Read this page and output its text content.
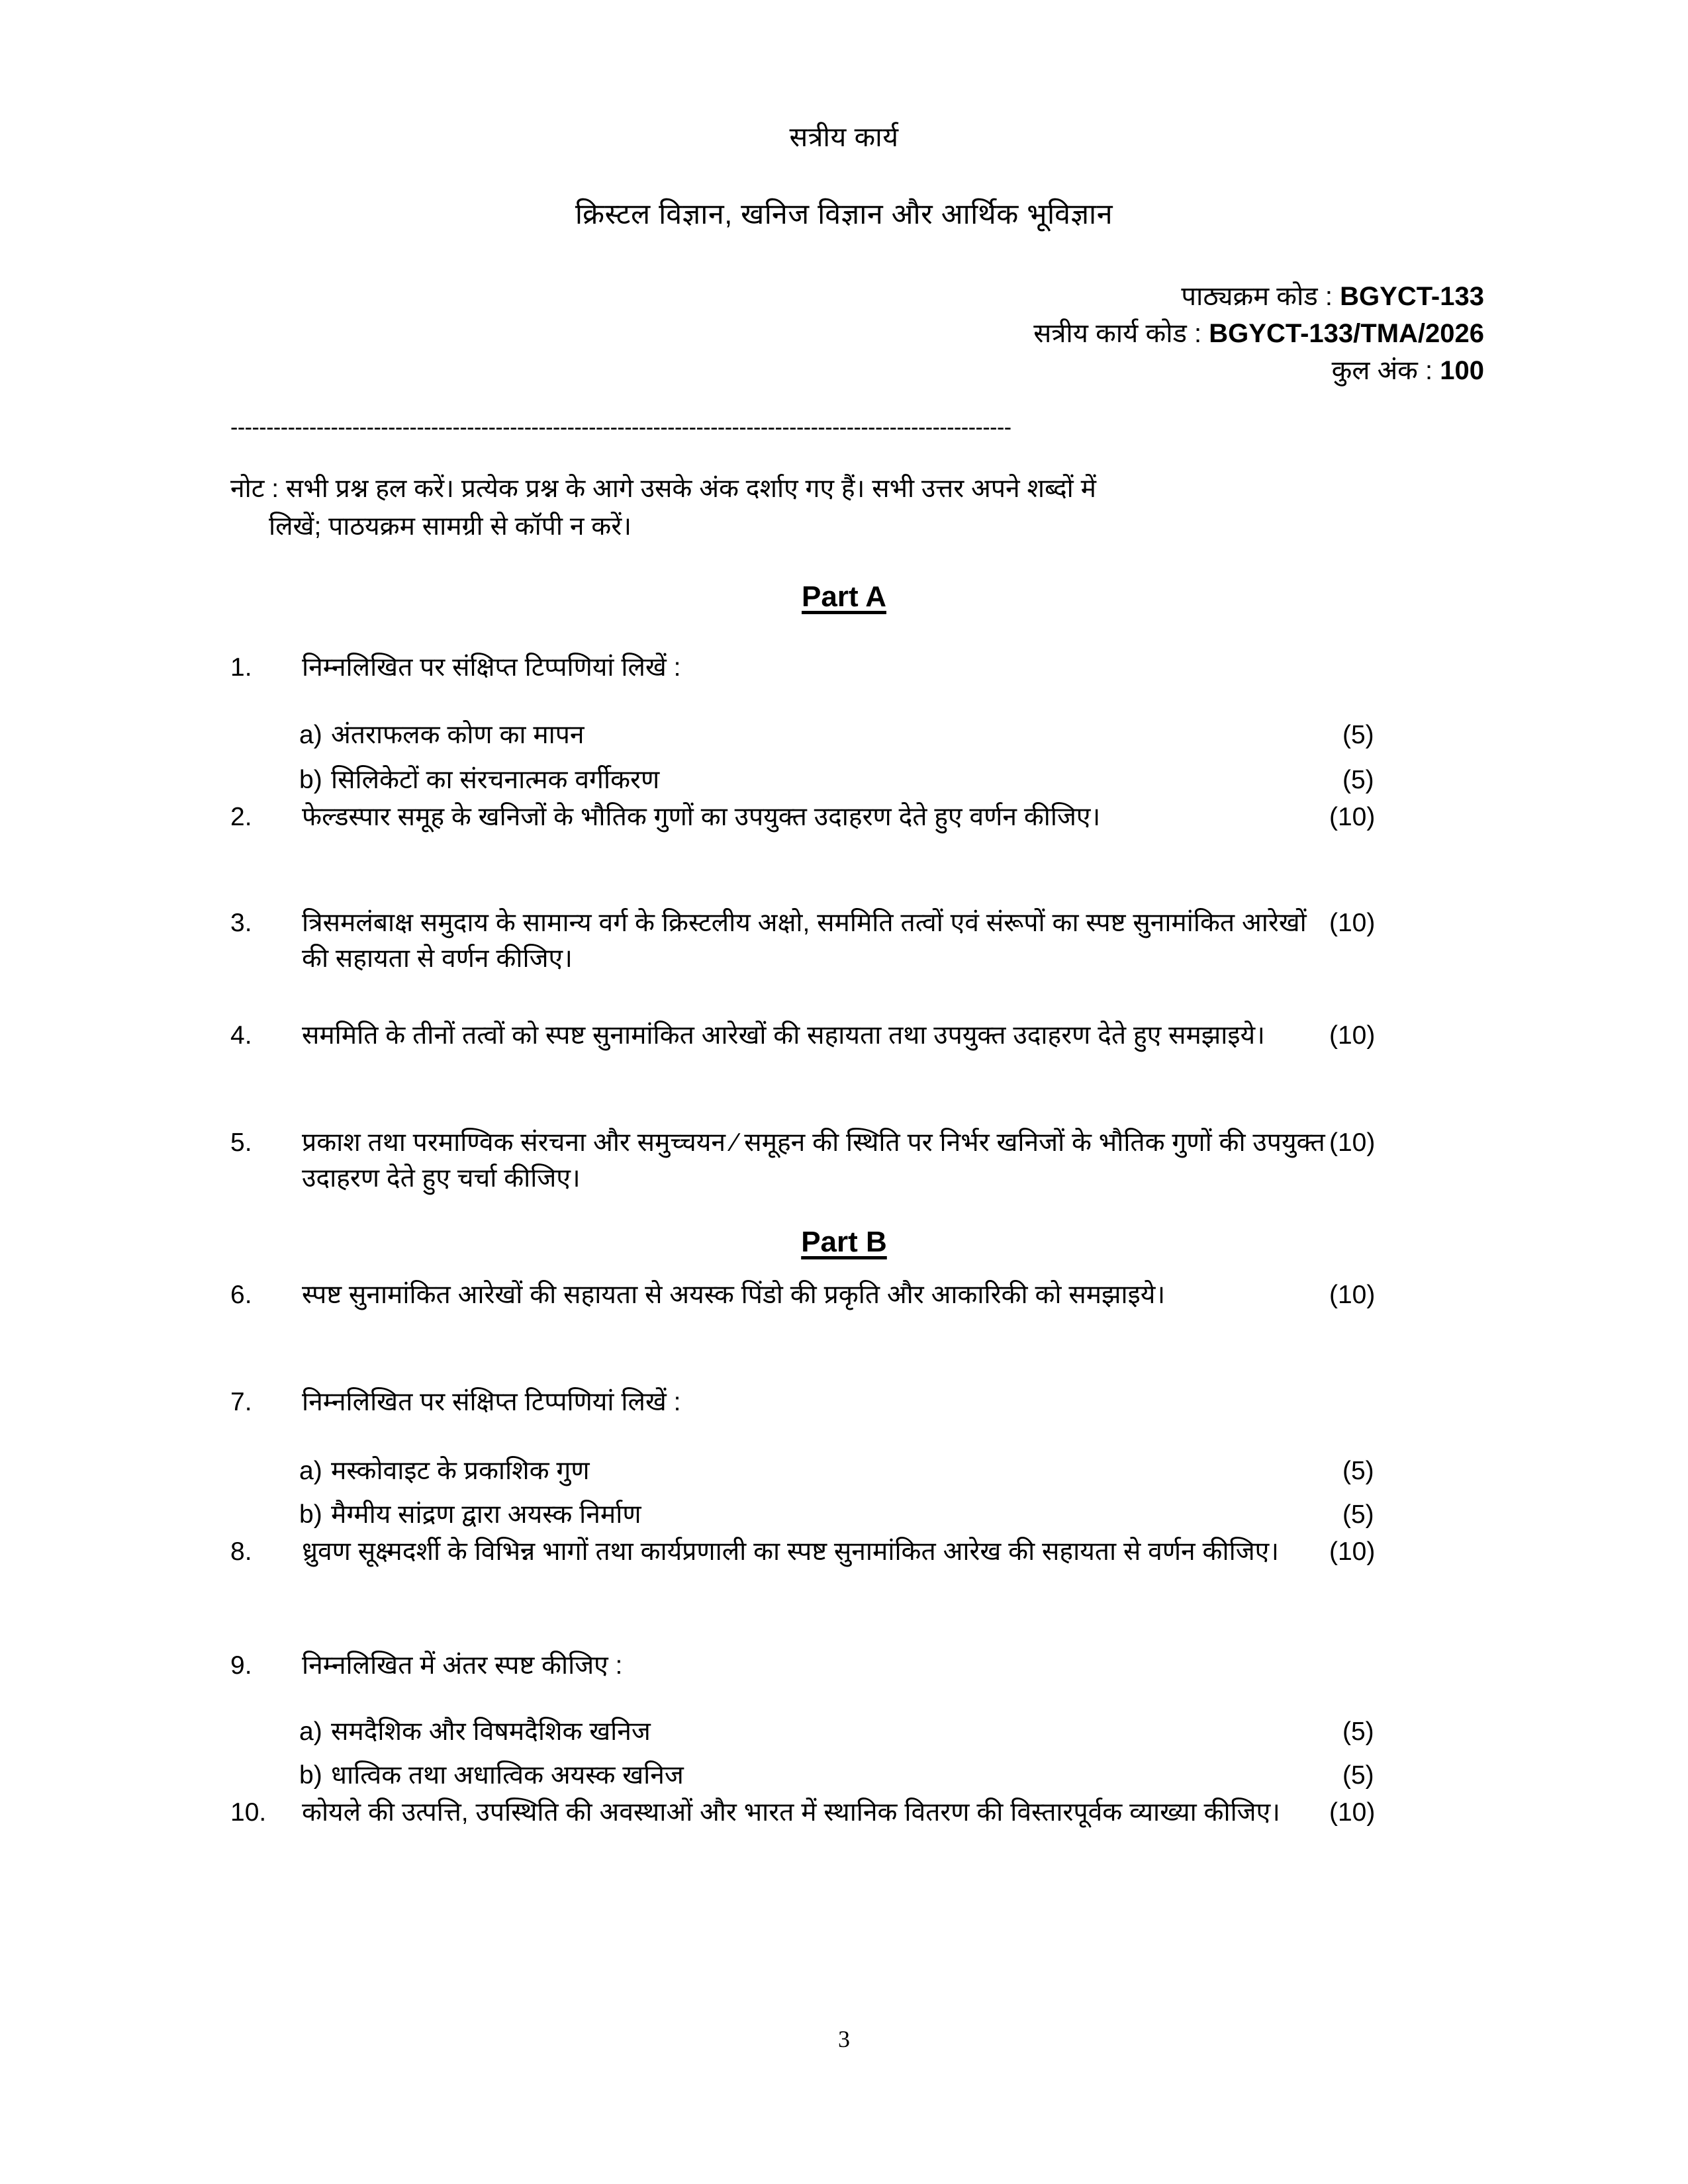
सत्रीय कार्य
क्रिस्टल विज्ञान, खनिज विज्ञान और आर्थिक भूविज्ञान
पाठ्यक्रम कोड : BGYCT-133
सत्रीय कार्य कोड : BGYCT-133/TMA/2026
कुल अंक : 100
-------------------------------------------------------------------------------------------------------------
नोट : सभी प्रश्न हल करें। प्रत्येक प्रश्न के आगे उसके अंक दर्शाए गए हैं। सभी उत्तर अपने शब्दों में
लिखें; पाठयक्रम सामग्री से कॉपी न करें।
Part A
Part B
1.	निम्नलिखित पर संक्षिप्त टिप्पणियां लिखें :
a) अंतराफलक कोण का मापन	(5)
b) सिलिकेटों का संरचनात्मक वर्गीकरण	(5)
2.	फेल्डस्पार समूह के खनिजों के भौतिक गुणों का उपयुक्त उदाहरण देते हुए वर्णन कीजिए।	(10)
3.	त्रिसमलंबाक्ष समुदाय के सामान्य वर्ग के क्रिस्टलीय अक्षो, सममिति तत्वों एवं संरूपों का स्पष्ट सुनामांकित आरेखों की सहायता से वर्णन कीजिए।
(10)
4.	सममिति के तीनों तत्वों को स्पष्ट सुनामांकित आरेखों की सहायता तथा उपयुक्त उदाहरण देते हुए समझाइये।	(10)
5.	प्रकाश तथा परमाण्विक संरचना और समुच्चयन ⁄ समूहन की स्थिति पर निर्भर खनिजों के भौतिक गुणों की उपयुक्त उदाहरण देते हुए चर्चा कीजिए।
(10)
6.	स्पष्ट सुनामांकित आरेखों की सहायता से अयस्क पिंडो की प्रकृति और आकारिकी को समझाइये।	(10)
7.	निम्नलिखित पर संक्षिप्त टिप्पणियां लिखें :
a) मस्कोवाइट के प्रकाशिक गुण	(5)
b) मैग्मीय सांद्रण द्वारा अयस्क निर्माण	(5)
8.	ध्रुवण सूक्ष्मदर्शी के विभिन्न भागों तथा कार्यप्रणाली का स्पष्ट सुनामांकित आरेख की सहायता से वर्णन कीजिए।	(10)
9.	निम्नलिखित में अंतर स्पष्ट कीजिए :
a) समदैशिक और विषमदैशिक खनिज	(5)
b) धात्विक तथा अधात्विक अयस्क खनिज	(5)
10.	कोयले की उत्पत्ति, उपस्थिति की अवस्थाओं और भारत में स्थानिक वितरण की विस्तारपूर्वक व्याख्या कीजिए।	(10)
3
